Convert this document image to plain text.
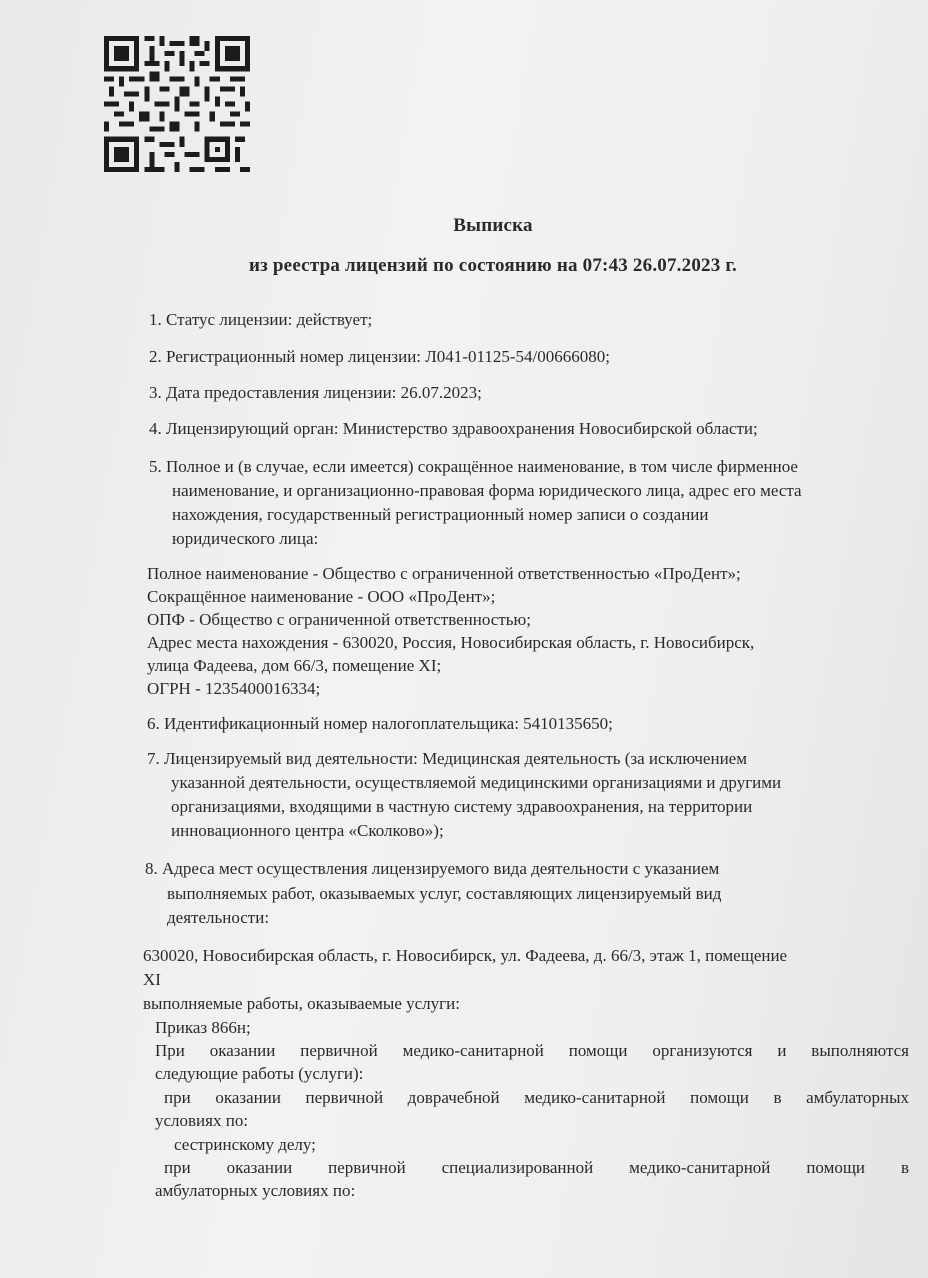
Выписка
из реестра лицензий по состоянию на 07:43 26.07.2023 г.
1. Статус лицензии: действует;
2. Регистрационный номер лицензии: Л041-01125-54/00666080;
3. Дата предоставления лицензии: 26.07.2023;
4. Лицензирующий орган: Министерство здравоохранения Новосибирской области;
5. Полное и (в случае, если имеется) сокращённое наименование, в том числе фирменное
наименование, и организационно-правовая форма юридического лица, адрес его места
нахождения, государственный регистрационный номер записи о создании
юридического лица:
Полное наименование - Общество с ограниченной ответственностью «ПроДент»;
Сокращённое наименование - ООО «ПроДент»;
ОПФ - Общество с ограниченной ответственностью;
Адрес места нахождения - 630020, Россия, Новосибирская область, г. Новосибирск,
улица Фадеева, дом 66/3, помещение XI;
ОГРН - 1235400016334;
6. Идентификационный номер налогоплательщика: 5410135650;
7. Лицензируемый вид деятельности: Медицинская деятельность (за исключением
указанной деятельности, осуществляемой медицинскими организациями и другими
организациями, входящими в частную систему здравоохранения, на территории
инновационного центра «Сколково»);
8. Адреса мест осуществления лицензируемого вида деятельности с указанием
выполняемых работ, оказываемых услуг, составляющих лицензируемый вид
деятельности:
630020, Новосибирская область, г. Новосибирск, ул. Фадеева, д. 66/3, этаж 1, помещение
XI
выполняемые работы, оказываемые услуги:
Приказ 866н;
При оказании первичной медико-санитарной помощи организуются и выполняются
следующие работы (услуги):
при оказании первичной доврачебной медико-санитарной помощи в амбулаторных
условиях по:
сестринскому делу;
при оказании первичной специализированной медико-санитарной помощи в
амбулаторных условиях по:
